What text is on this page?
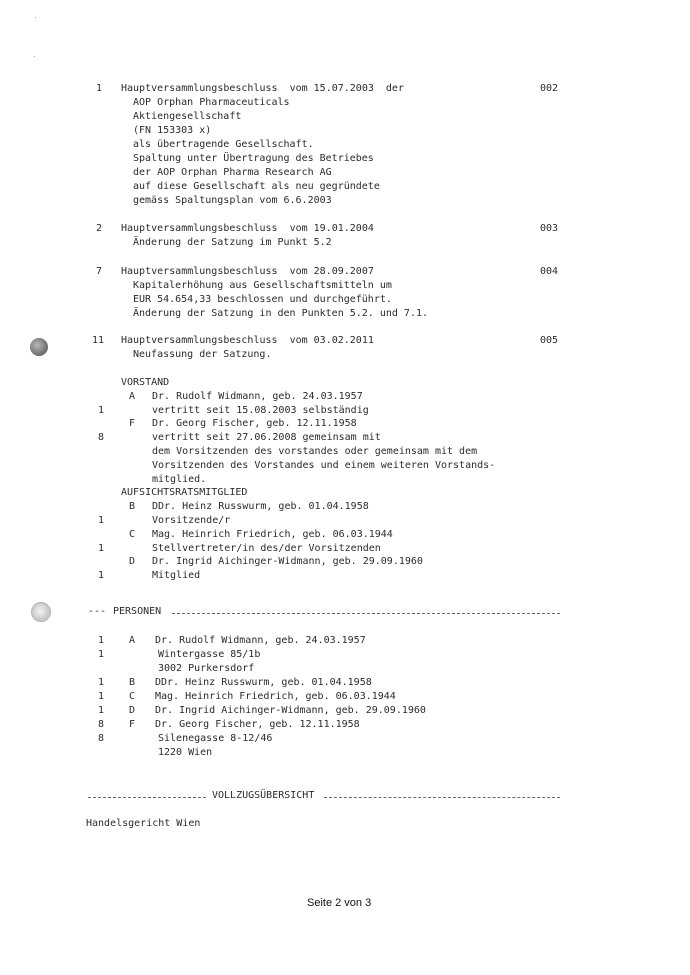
1 Hauptversammlungsbeschluss  vom 15.07.2003  der	002
AOP Orphan Pharmaceuticals
Aktiengesellschaft
(FN 153303 x)
als übertragende Gesellschaft.
Spaltung unter Übertragung des Betriebes
der AOP Orphan Pharma Research AG
auf diese Gesellschaft als neu gegründete
gemäss Spaltungsplan vom 6.6.2003
2 Hauptversammlungsbeschluss  vom 19.01.2004	003
Änderung der Satzung im Punkt 5.2
7 Hauptversammlungsbeschluss  vom 28.09.2007	004
Kapitalerhöhung aus Gesellschaftsmitteln um
EUR 54.654,33 beschlossen und durchgeführt.
Änderung der Satzung in den Punkten 5.2. und 7.1.
11 Hauptversammlungsbeschluss  vom 03.02.2011	005
Neufassung der Satzung.
VORSTAND
A Dr. Rudolf Widmann, geb. 24.03.1957
1	vertritt seit 15.08.2003 selbständig
F Dr. Georg Fischer, geb. 12.11.1958
8	vertritt seit 27.06.2008 gemeinsam mit
dem Vorsitzenden des vorstandes oder gemeinsam mit dem
Vorsitzenden des Vorstandes und einem weiteren Vorstands-
mitglied.
AUFSICHTSRATSMITGLIED
B DDr. Heinz Russwurm, geb. 01.04.1958
1	Vorsitzende/r
C Mag. Heinrich Friedrich, geb. 06.03.1944
1	Stellvertreter/in des/der Vorsitzenden
D Dr. Ingrid Aichinger-Widmann, geb. 29.09.1960
1	Mitglied
--- PERSONEN
1 A Dr. Rudolf Widmann, geb. 24.03.1957
1	Wintergasse 85/1b
3002 Purkersdorf
1 B DDr. Heinz Russwurm, geb. 01.04.1958
1 C Mag. Heinrich Friedrich, geb. 06.03.1944
1 D Dr. Ingrid Aichinger-Widmann, geb. 29.09.1960
8 F Dr. Georg Fischer, geb. 12.11.1958
8	Silenegasse 8-12/46
1220 Wien
VOLLZUGSÜBERSICHT
Handelsgericht Wien
Seite 2 von 3
